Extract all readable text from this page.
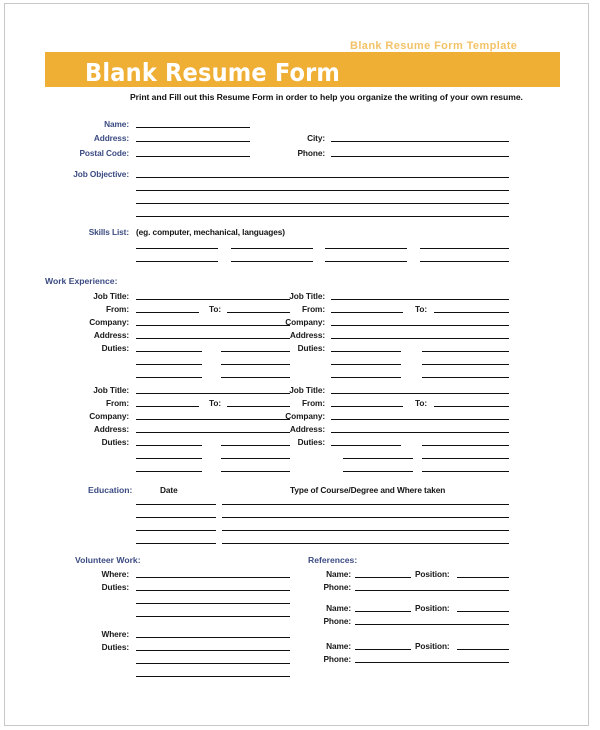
Blank Resume Form Template
Blank Resume Form
Print and Fill out this Resume Form in order to help you organize the writing of your own resume.
Name:
Address:
Postal Code:
City:
Phone:
Job Objective:
Skills List: (eg. computer, mechanical, languages)
Work Experience:
Job Title:
From:	To:
Company:
Address:
Duties:
Job Title:
From:	To:
Company:
Address:
Duties:
Job Title:
From:	To:
Company:
Address:
Duties:
Job Title:
From:	To:
Company:
Address:
Duties:
Education:	Date	Type of Course/Degree and Where taken
Volunteer Work:
Where:
Duties:
Where:
Duties:
References:
Name:	Position:
Phone:
Name:	Position:
Phone:
Name:	Position:
Phone:
